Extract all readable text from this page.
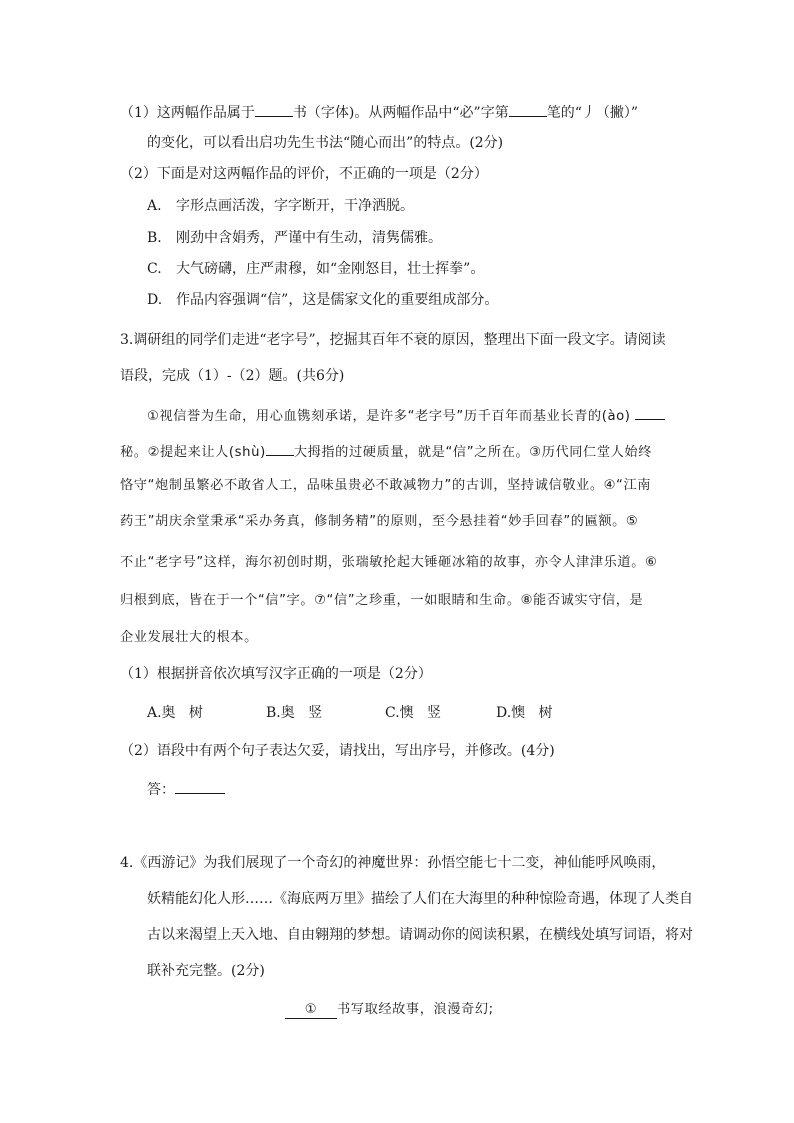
（1）这两幅作品属于	书（字体)。从两幅作品中“必”字第	笔的“丿（撇）”
的变化，可以看出启功先生书法“随心而出”的特点。(2分)
（2）下面是对这两幅作品的评价，不正确的一项是（2分）
A. 字形点画活泼，字字断开，干净洒脱。
B. 刚劲中含娟秀，严谨中有生动，清隽儒雅。
C. 大气磅礴，庄严肃穆，如“金刚怒目，壮士挥拳”。
D. 作品内容强调“信”，这是儒家文化的重要组成部分。
3.调研组的同学们走进“老字号”，挖掘其百年不衰的原因，整理出下面一段文字。请阅读
语段，完成（1）-（2）题。(共6分)
①视信誉为生命，用心血镌刻承诺，是许多“老字号”历千百年而基业长青的(ào)
秘。②提起来让人(shù) 大拇指的过硬质量，就是“信”之所在。③历代同仁堂人始终
恪守“炮制虽繁必不敢省人工，品味虽贵必不敢减物力”的古训，坚持诚信敬业。④“江南
药王”胡庆余堂秉承“采办务真，修制务精”的原则，至今悬挂着“妙手回春”的匾额。⑤
不止“老字号”这样，海尔初创时期，张瑞敏抡起大锤砸冰箱的故事，亦令人津津乐道。⑥
归根到底，皆在于一个“信”字。⑦“信”之珍重，一如眼睛和生命。⑧能否诚实守信，是
企业发展壮大的根本。
（1）根据拼音依次填写汉字正确的一项是（2分）
A.奥   树	B.奥   竖	C.懊   竖	D.懊   树
（2）语段中有两个句子表达欠妥，请找出，写出序号，并修改。(4分)
答：
4.《西游记》为我们展现了一个奇幻的神魔世界：孙悟空能七十二变，神仙能呼风唤雨，
妖精能幻化人形……《海底两万里》描绘了人们在大海里的种种惊险奇遇，体现了人类自
古以来渴望上天入地、自由翱翔的梦想。请调动你的阅读积累，在横线处填写词语，将对
联补充完整。(2分)
① 书写取经故事，浪漫奇幻;
